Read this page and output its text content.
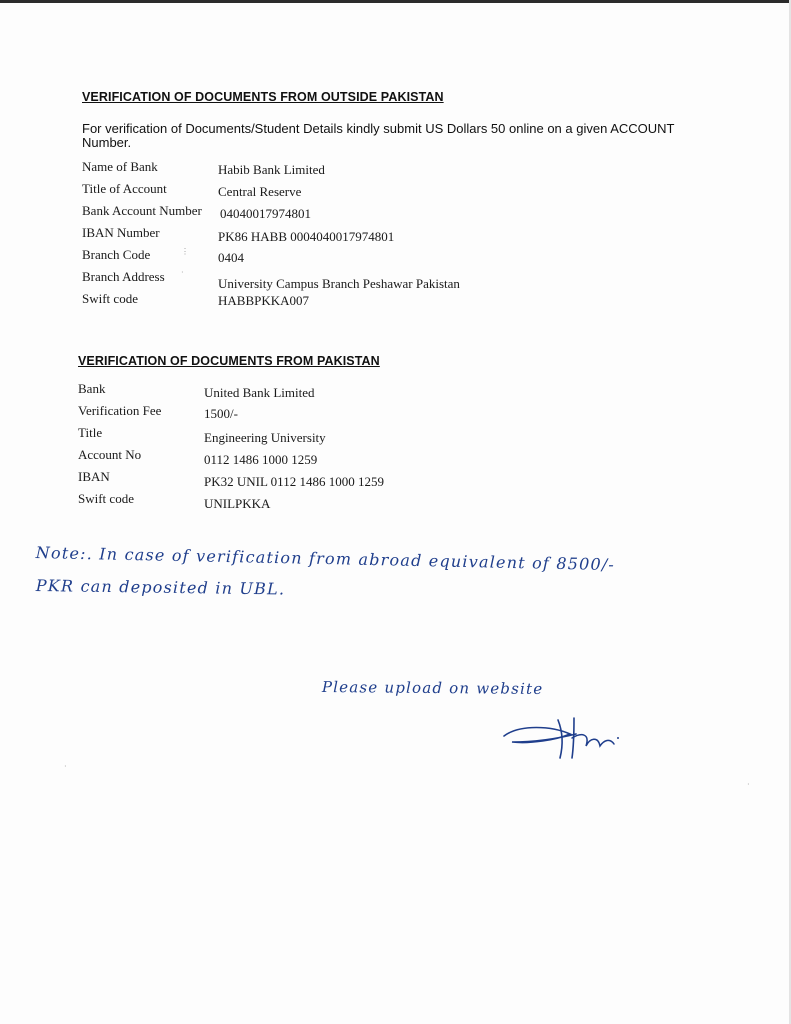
VERIFICATION OF DOCUMENTS FROM OUTSIDE PAKISTAN

For verification of Documents/Student Details kindly submit US Dollars 50 online on a given ACCOUNT
Number.

Name of Bank	Habib Bank Limited
Title of Account	Central Reserve
Bank Account Number 04040017974801
IBAN Number	PK86 HABB 0004040017974801
Branch Code	0404
Branch Address	University Campus Branch Peshawar Pakistan
Swift code	HABBPKKA007
⋮
·
VERIFICATION OF DOCUMENTS FROM PAKISTAN
Bank	United Bank Limited
Verification Fee	1500/-
Title	Engineering University
Account No	0112 1486 1000 1259
IBAN	PK32 UNIL 0112 1486 1000 1259
Swift code	UNILPKKA
Note:. In case of verification from abroad equivalent of 8500/-
PKR can deposited in UBL.
Please upload on website
·
·
